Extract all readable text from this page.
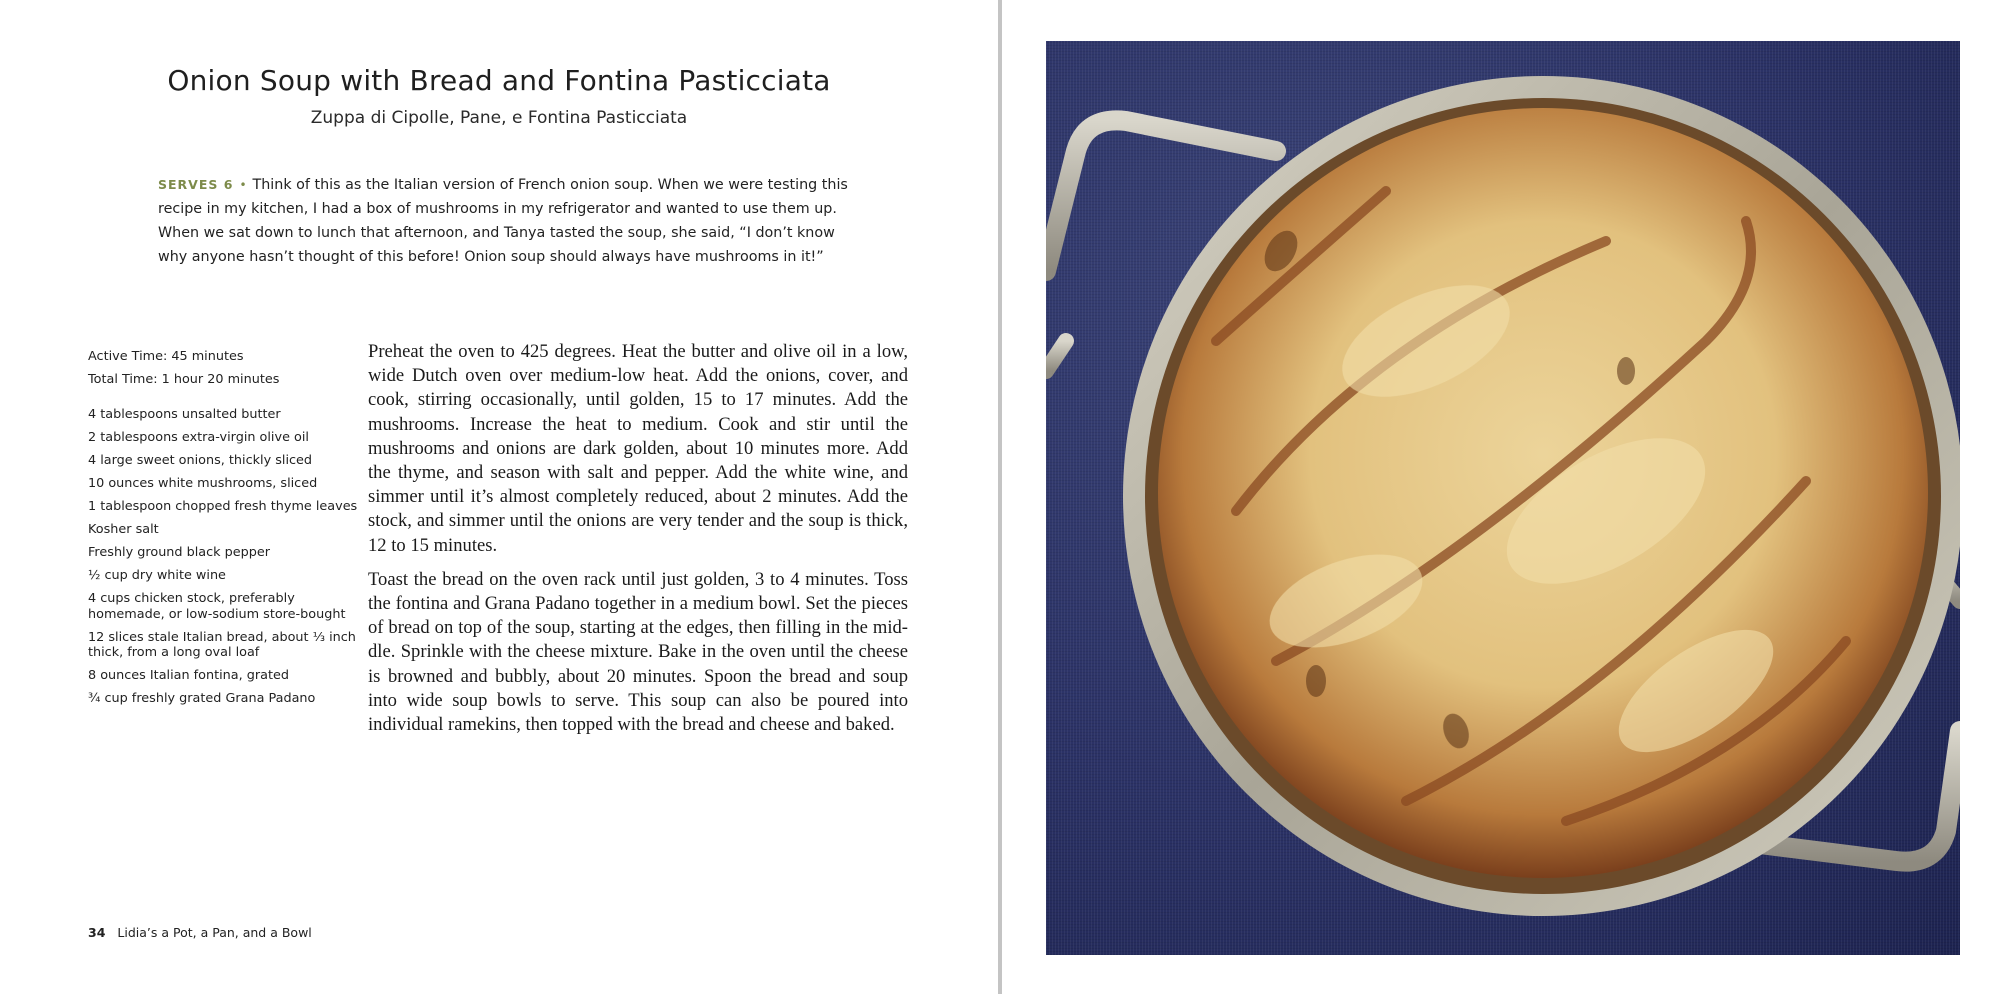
Onion Soup with Bread and Fontina Pasticciata
Zuppa di Cipolle, Pane, e Fontina Pasticciata
SERVES 6 • Think of this as the Italian version of French onion soup. When we were testing this recipe in my kitchen, I had a box of mushrooms in my refrigerator and wanted to use them up. When we sat down to lunch that afternoon, and Tanya tasted the soup, she said, “I don’t know why anyone hasn’t thought of this before! Onion soup should always have mushrooms in it!”
Active Time: 45 minutes
Total Time: 1 hour 20 minutes
4 tablespoons unsalted butter
2 tablespoons extra-virgin olive oil
4 large sweet onions, thickly sliced
10 ounces white mushrooms, sliced
1 tablespoon chopped fresh thyme leaves
Kosher salt
Freshly ground black pepper
½ cup dry white wine
4 cups chicken stock, preferably homemade, or low-sodium store-bought
12 slices stale Italian bread, about ⅓ inch thick, from a long oval loaf
8 ounces Italian fontina, grated
¾ cup freshly grated Grana Padano

Preheat the oven to 425 degrees. Heat the butter and olive oil in a low, wide Dutch oven over medium-low heat. Add the onions, cover, and cook, stirring occasionally, until golden, 15 to 17 minutes. Add the mushrooms. Increase the heat to medium. Cook and stir until the mushrooms and onions are dark golden, about 10 minutes more. Add the thyme, and season with salt and pepper. Add the white wine, and simmer until it’s almost completely reduced, about 2 minutes. Add the stock, and simmer until the onions are very tender and the soup is thick, 12 to 15 minutes.

Toast the bread on the oven rack until just golden, 3 to 4 minutes. Toss the fontina and Grana Padano together in a medium bowl. Set the pieces of bread on top of the soup, starting at the edges, then filling in the middle. Sprinkle with the cheese mixture. Bake in the oven until the cheese is browned and bubbly, about 20 minutes. Spoon the bread and soup into wide soup bowls to serve. This soup can also be poured into individual ramekins, then topped with the bread and cheese and baked.

34 Lidia’s a Pot, a Pan, and a Bowl
